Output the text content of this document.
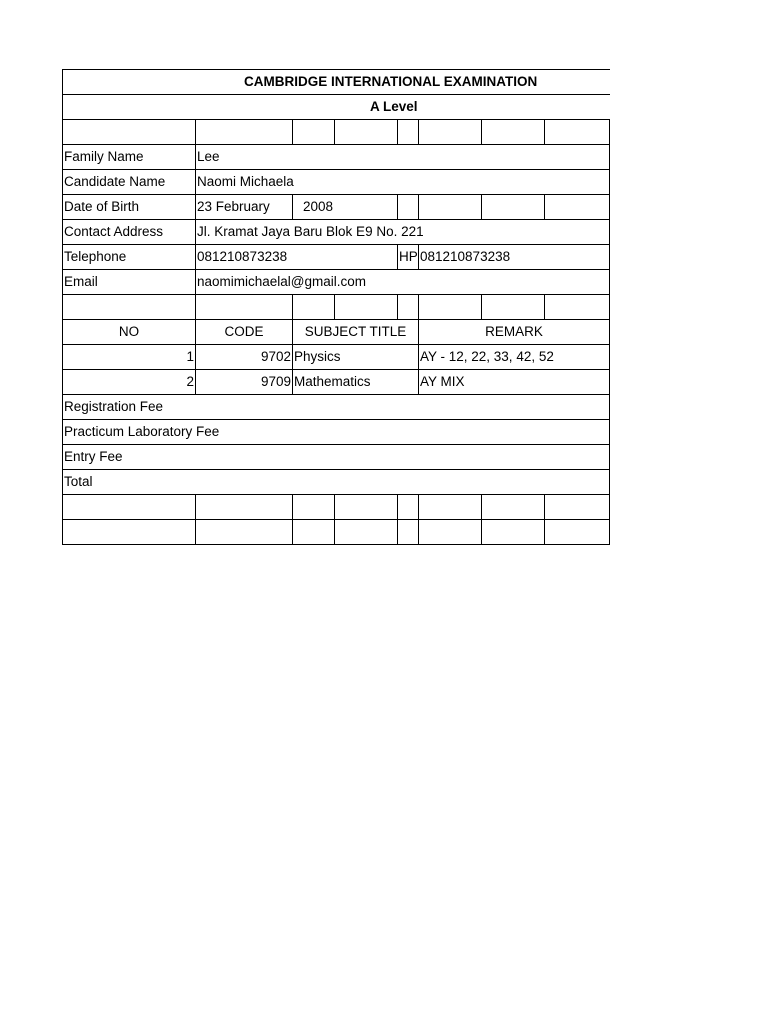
CAMBRIDGE INTERNATIONAL EXAMINATION							
A Level							

Family Name	Lee						
Candidate Name	Naomi Michaela						
Date of Birth	23 February	2008					
Contact Address	Jl. Kramat Jaya Baru Blok E9 No. 221						
Telephone	081210873238			HP	081210873238		
Email	naomimichaelal@gmail.com						

NO	CODE	SUBJECT TITLE			REMARK		
1	9702	Physics			AY - 12, 22, 33, 42, 52		
2	9709	Mathematics			AY MIX		
Registration Fee							
Practicum Laboratory Fee							
Entry Fee							
Total							
